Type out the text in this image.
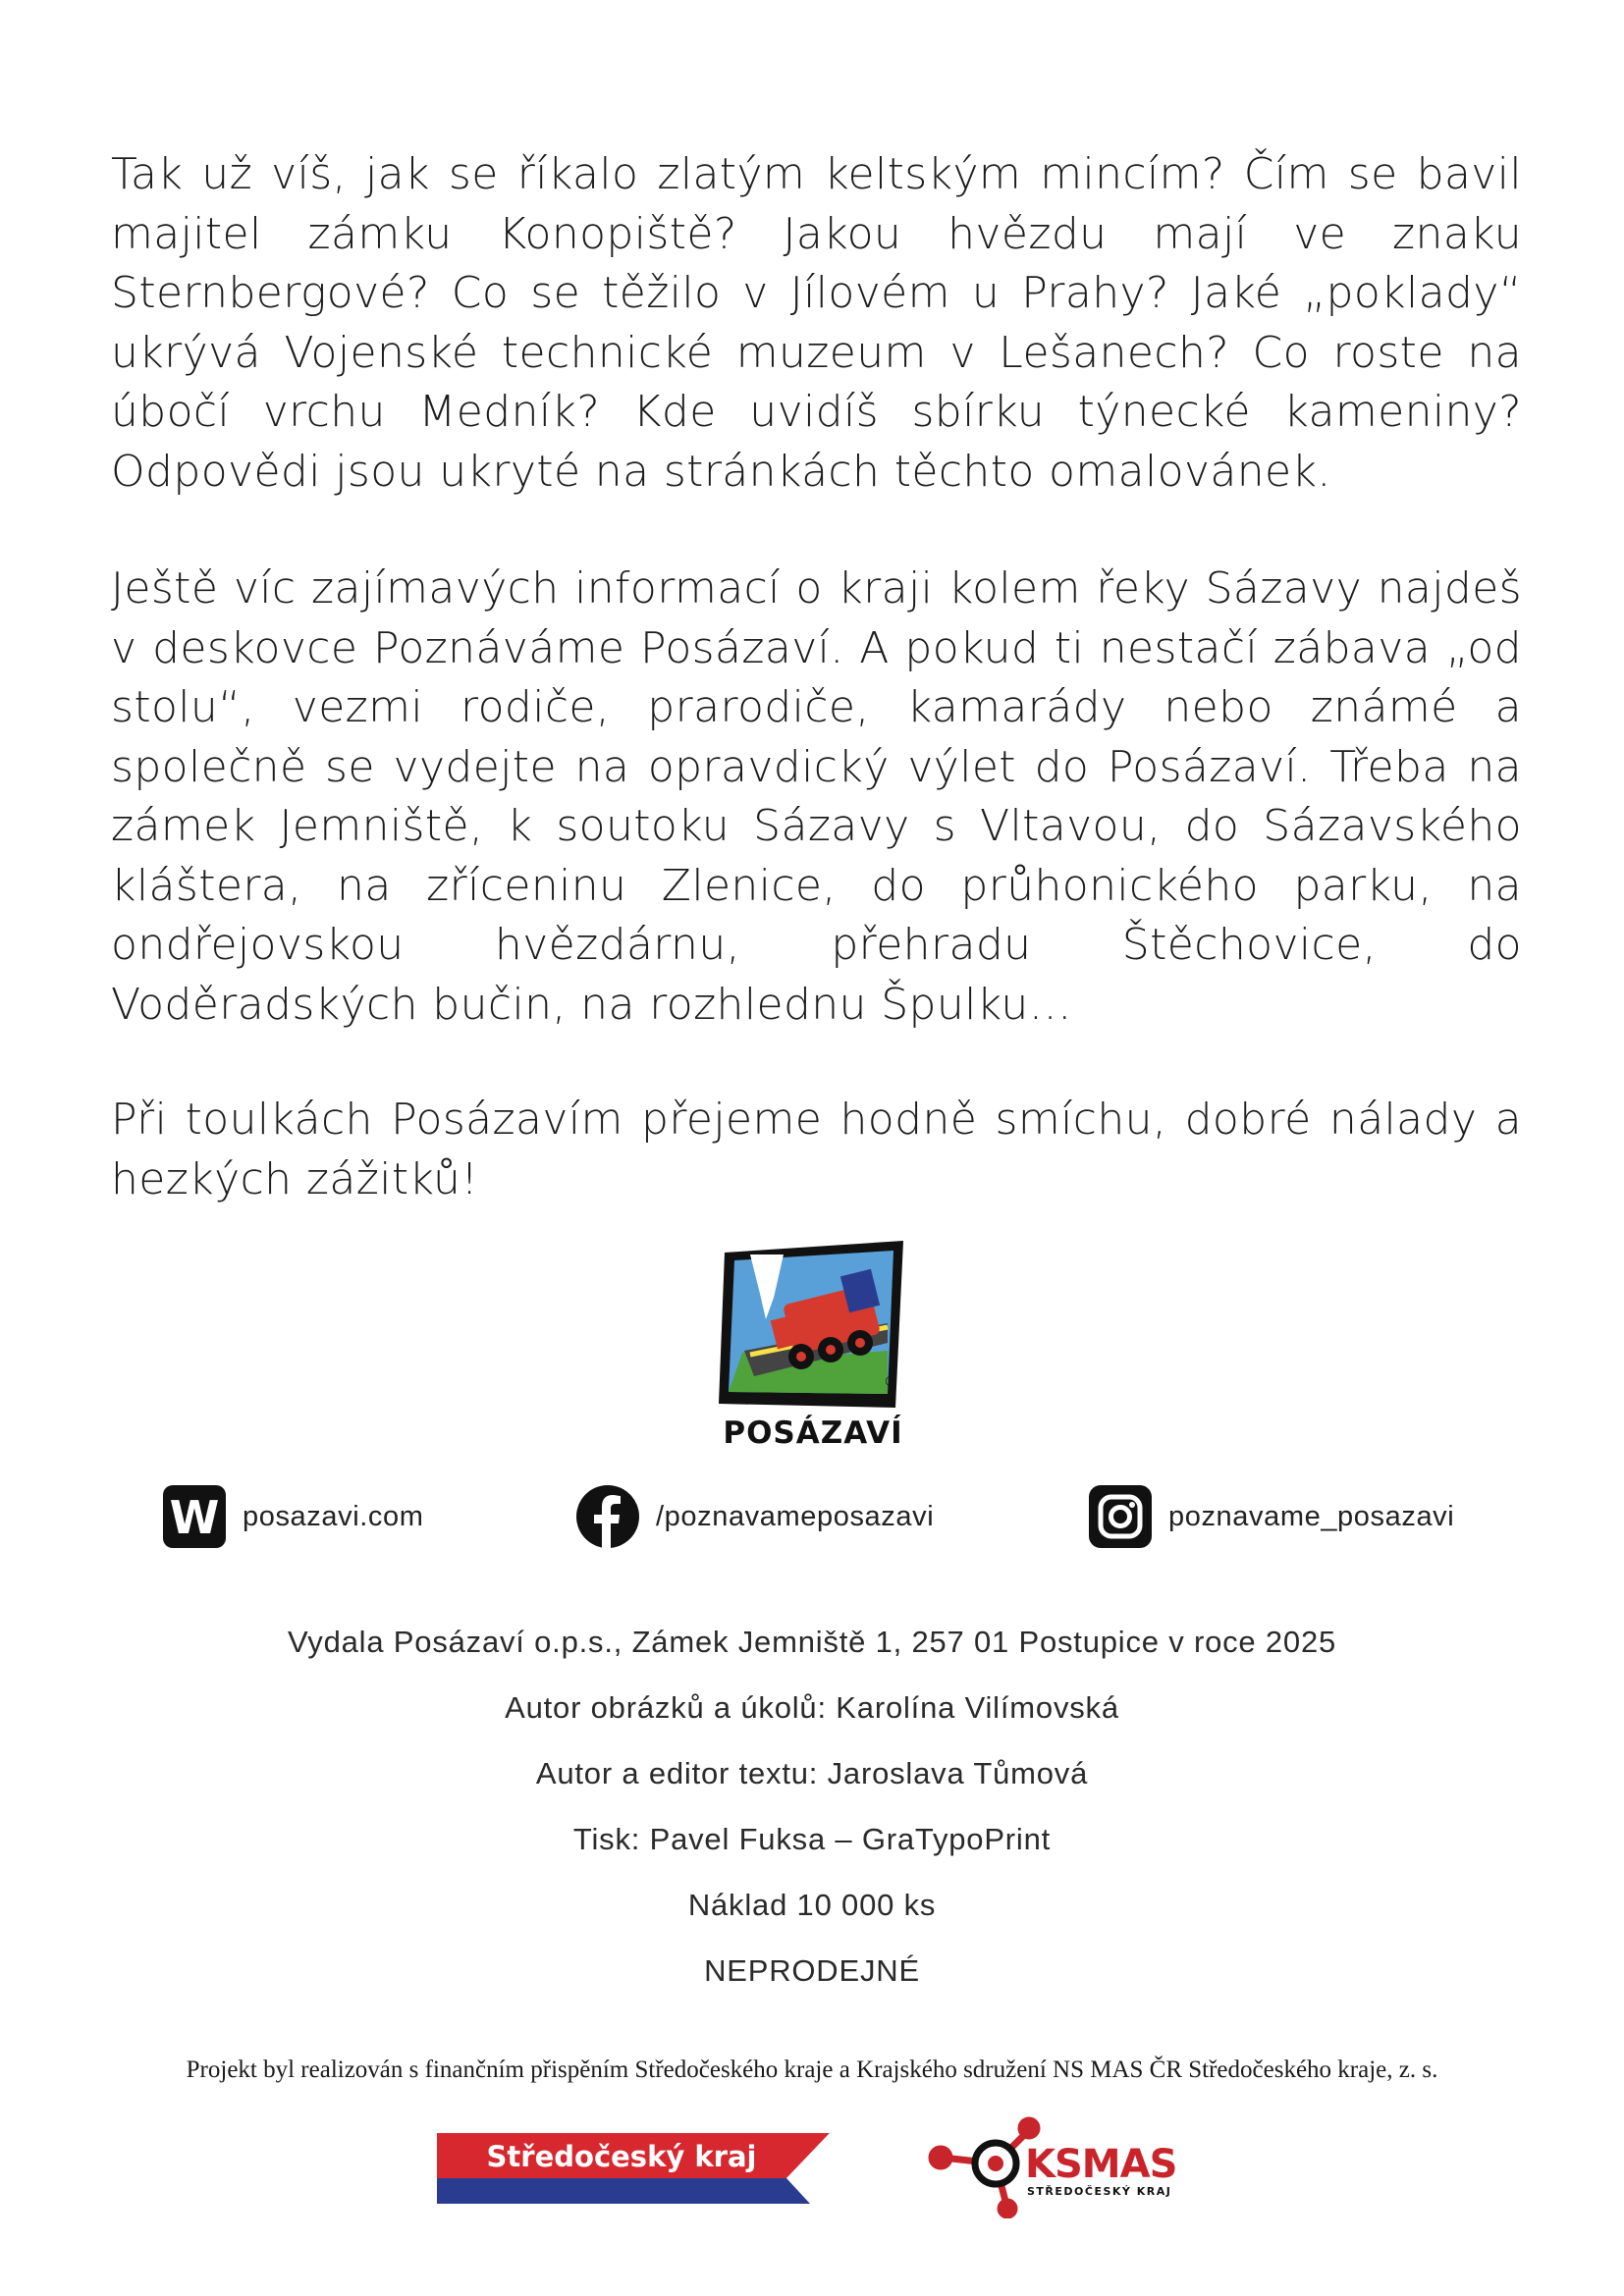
Tak už víš, jak se říkalo zlatým keltským mincím? Čím se bavil majitel zámku Konopiště? Jakou hvězdu mají ve znaku Sternbergové? Co se těžilo v Jílovém u Prahy? Jaké „poklady“ ukrývá Vojenské technické muzeum v Lešanech? Co roste na úbočí vrchu Medník? Kde uvidíš sbírku týnecké kameniny? Odpovědi jsou ukryté na stránkách těchto omalovánek.

Ještě víc zajímavých informací o kraji kolem řeky Sázavy najdeš v deskovce Poznáváme Posázaví. A pokud ti nestačí zábava „od stolu“, vezmi rodiče, prarodiče, kamarády nebo známé a společně se vydejte na opravdický výlet do Posázaví. Třeba na zámek Jemniště, k soutoku Sázavy s Vltavou, do Sázavského kláštera, na zříceninu Zlenice, do průhonického parku, na ondřejovskou hvězdárnu, přehradu Štěchovice, do Voděradských bučin, na rozhlednu Špulku…

Při toulkách Posázavím přejeme hodně smíchu, dobré nálady a hezkých zážitků!

®
POSÁZAVÍ
W posazavi.com	/poznavameposazavi	poznavame_posazavi
Vydala Posázaví o.p.s., Zámek Jemniště 1, 257 01 Postupice v roce 2025
Autor obrázků a úkolů: Karolína Vilímovská
Autor a editor textu: Jaroslava Tůmová
Tisk: Pavel Fuksa – GraTypoPrint
Náklad 10 000 ks
NEPRODEJNÉ
Projekt byl realizován s finančním přispěním Středočeského kraje a Krajského sdružení NS MAS ČR Středočeského kraje, z. s.
Středočeský kraj	KSMAS
STŘEDOČESKÝ KRAJ
